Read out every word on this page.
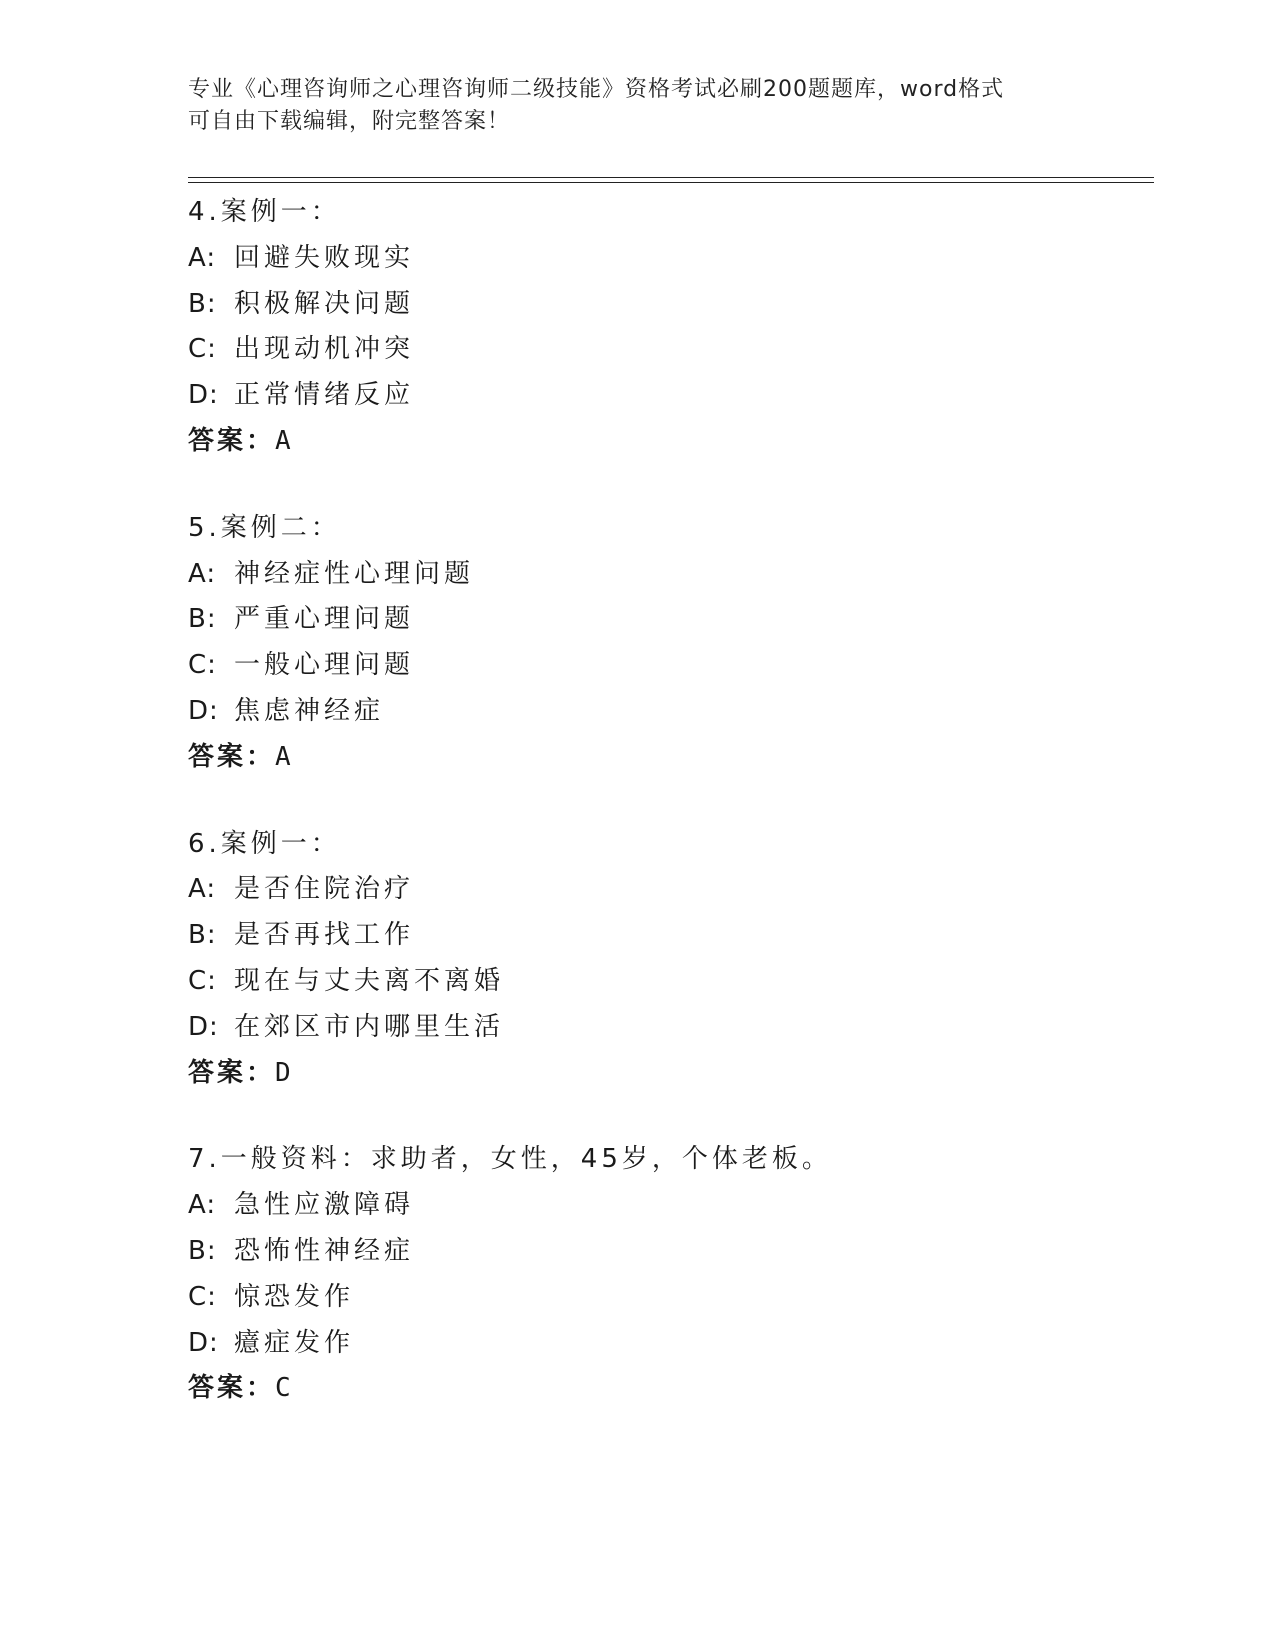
专业《心理咨询师之心理咨询师二级技能》资格考试必刷200题题库，word格式
可自由下载编辑，附完整答案！
4.案例一：
A: 回避失败现实
B: 积极解决问题
C: 出现动机冲突
D: 正常情绪反应
答案：A
5.案例二：
A: 神经症性心理问题
B: 严重心理问题
C: 一般心理问题
D: 焦虑神经症
答案：A
6.案例一：
A: 是否住院治疗
B: 是否再找工作
C: 现在与丈夫离不离婚
D: 在郊区市内哪里生活
答案：D
7.一般资料：求助者，女性，45岁，个体老板。
A: 急性应激障碍
B: 恐怖性神经症
C: 惊恐发作
D: 癔症发作
答案：C
